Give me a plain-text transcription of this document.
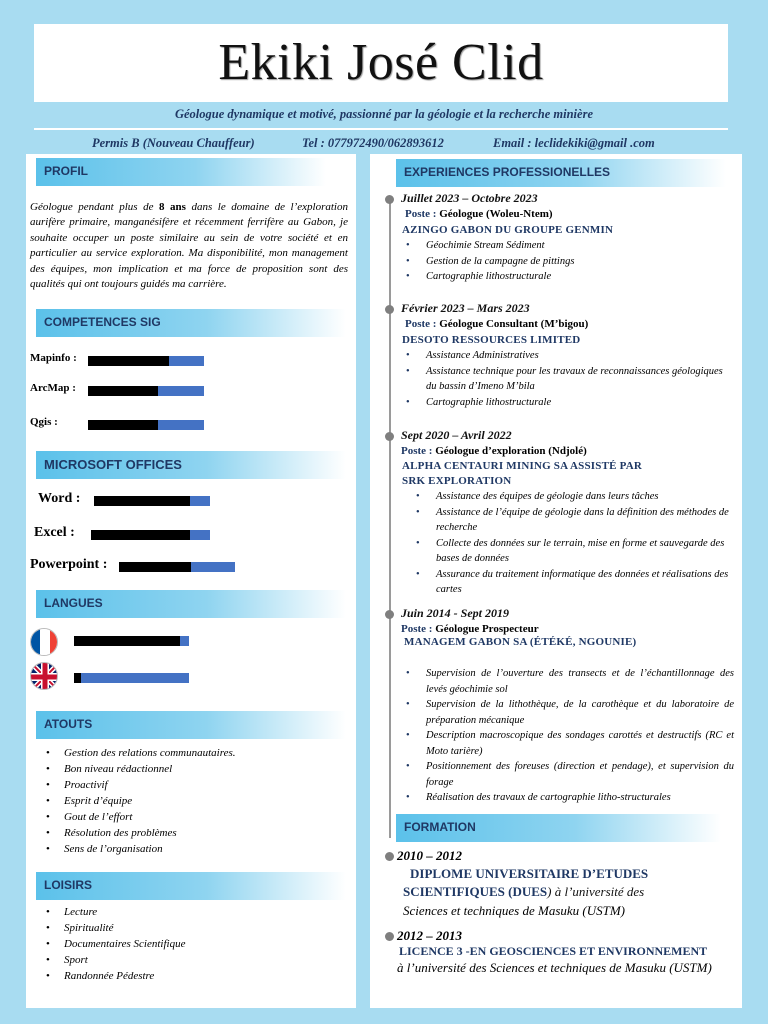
Ekiki José Clid
Géologue dynamique et motivé, passionné par la géologie et la recherche minière
Permis B (Nouveau Chauffeur)	Tel : 077972490/062893612	Email : leclidekiki@gmail .com
PROFIL
Géologue pendant plus de 8 ans dans le domaine de l’exploration aurifère primaire, manganésifère et récemment ferrifère au Gabon, je souhaite occuper un poste similaire au sein de votre société et en particulier au service exploration. Ma disponibilité, mon management des équipes, mon implication et ma force de proposition sont des qualités qui ont toujours guidés ma carrière.
COMPETENCES SIG
Mapinfo :
ArcMap :
Qgis :
MICROSOFT OFFICES
Word :
Excel :
Powerpoint :
LANGUES
ATOUTS
• Gestion des relations communautaires.
• Bon niveau rédactionnel
• Proactivif
• Esprit d’équipe
• Gout de l’effort
• Résolution des problèmes
• Sens de l’organisation
LOISIRS
• Lecture
• Spiritualité
• Documentaires Scientifique
• Sport
• Randonnée Pédestre
EXPERIENCES PROFESSIONELLES
Juillet 2023 – Octobre 2023
Poste : Géologue (Woleu-Ntem)
AZINGO GABON DU GROUPE GENMIN
• Géochimie Stream Sédiment
• Gestion de la campagne de pittings
• Cartographie lithostructurale
Février 2023 – Mars 2023
Poste : Géologue Consultant (M’bigou)
DESOTO RESSOURCES LIMITED
• Assistance Administratives
• Assistance technique pour les travaux de reconnaissances géologiques du bassin d’Imeno M’bila
• Cartographie lithostructurale
Sept 2020 – Avril 2022
Poste : Géologue d’exploration (Ndjolé)
ALPHA CENTAURI MINING SA ASSISTÉ PAR SRK EXPLORATION
• Assistance des équipes de géologie dans leurs tâches
• Assistance de l’équipe de géologie dans la définition des méthodes de recherche
• Collecte des données sur le terrain, mise en forme et sauvegarde des bases de données
• Assurance du traitement informatique des données et réalisations des cartes
Juin 2014 - Sept 2019
Poste : Géologue Prospecteur
MANAGEM GABON SA (ÉTÉKÉ, NGOUNIE)
• Supervision de l’ouverture des transects et de l’échantillonnage des levés géochimie sol
• Supervision de la lithothèque, de la carothèque et du laboratoire de préparation mécanique
• Description macroscopique des sondages carottés et destructifs (RC et Moto tarière)
• Positionnement des foreuses (direction et pendage), et supervision du forage
• Réalisation des travaux de cartographie litho-structurales
FORMATION
2010 – 2012
DIPLOME UNIVERSITAIRE D’ETUDES SCIENTIFIQUES (DUES) à l’université des
Sciences et techniques de Masuku (USTM)
2012 – 2013
LICENCE 3 -EN GEOSCIENCES ET ENVIRONNEMENT
à l’université des Sciences et techniques de Masuku (USTM)
